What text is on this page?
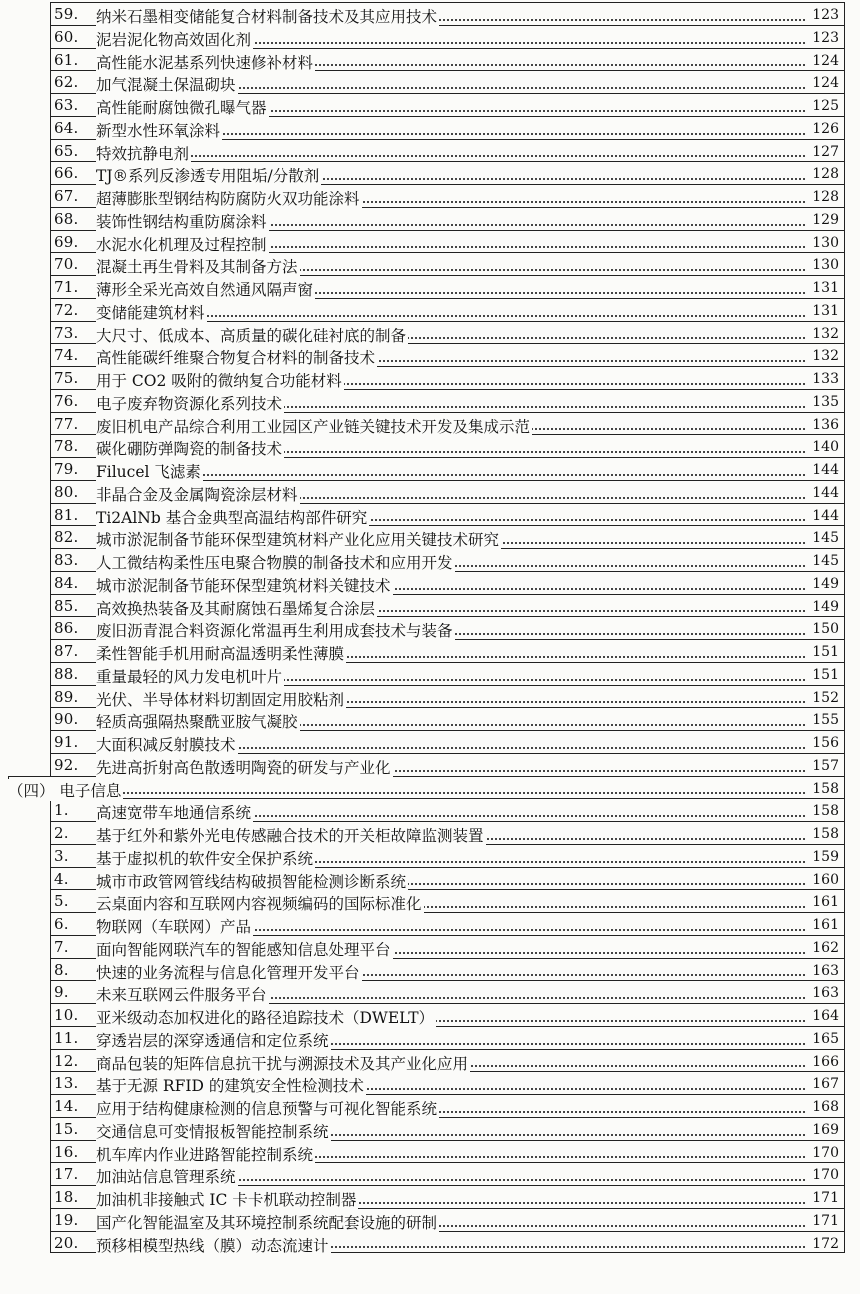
59. 纳米石墨相变储能复合材料制备技术及其应用技术	123
60. 泥岩泥化物高效固化剂	123
61. 高性能水泥基系列快速修补材料	124
62. 加气混凝土保温砌块	124
63. 高性能耐腐蚀微孔曝气器	125
64. 新型水性环氧涂料	126
65. 特效抗静电剂	127
66. TJ®系列反渗透专用阻垢/分散剂	128
67. 超薄膨胀型钢结构防腐防火双功能涂料	128
68. 装饰性钢结构重防腐涂料	129
69. 水泥水化机理及过程控制	130
70. 混凝土再生骨料及其制备方法	130
71. 薄形全采光高效自然通风隔声窗	131
72. 变储能建筑材料	131
73. 大尺寸、低成本、高质量的碳化硅衬底的制备	132
74. 高性能碳纤维聚合物复合材料的制备技术	132
75. 用于 CO2 吸附的微纳复合功能材料	133
76. 电子废弃物资源化系列技术	135
77. 废旧机电产品综合利用工业园区产业链关键技术开发及集成示范	136
78. 碳化硼防弹陶瓷的制备技术	140
79. Filucel 飞滤素	144
80. 非晶合金及金属陶瓷涂层材料	144
81. Ti2AlNb 基合金典型高温结构部件研究	144
82. 城市淤泥制备节能环保型建筑材料产业化应用关键技术研究	145
83. 人工微结构柔性压电聚合物膜的制备技术和应用开发	145
84. 城市淤泥制备节能环保型建筑材料关键技术	149
85. 高效换热装备及其耐腐蚀石墨烯复合涂层	149
86. 废旧沥青混合料资源化常温再生利用成套技术与装备	150
87. 柔性智能手机用耐高温透明柔性薄膜	151
88. 重量最轻的风力发电机叶片	151
89. 光伏、半导体材料切割固定用胶粘剂	152
90. 轻质高强隔热聚酰亚胺气凝胶	155
91. 大面积减反射膜技术	156
92. 先进高折射高色散透明陶瓷的研发与产业化	157
（四） 电子信息	158
1. 高速宽带车地通信系统	158
2. 基于红外和紫外光电传感融合技术的开关柜故障监测装置	158
3. 基于虚拟机的软件安全保护系统	159
4. 城市市政管网管线结构破损智能检测诊断系统	160
5. 云桌面内容和互联网内容视频编码的国际标准化	161
6. 物联网（车联网）产品	161
7. 面向智能网联汽车的智能感知信息处理平台	162
8. 快速的业务流程与信息化管理开发平台	163
9. 未来互联网云件服务平台	163
10. 亚米级动态加权进化的路径追踪技术（DWELT）	164
11. 穿透岩层的深穿透通信和定位系统	165
12. 商品包装的矩阵信息抗干扰与溯源技术及其产业化应用	166
13. 基于无源 RFID 的建筑安全性检测技术	167
14. 应用于结构健康检测的信息预警与可视化智能系统	168
15. 交通信息可变情报板智能控制系统	169
16. 机车库内作业进路智能控制系统	170
17. 加油站信息管理系统	170
18. 加油机非接触式 IC 卡卡机联动控制器	171
19. 国产化智能温室及其环境控制系统配套设施的研制	171
20. 预移相模型热线（膜）动态流速计	172
